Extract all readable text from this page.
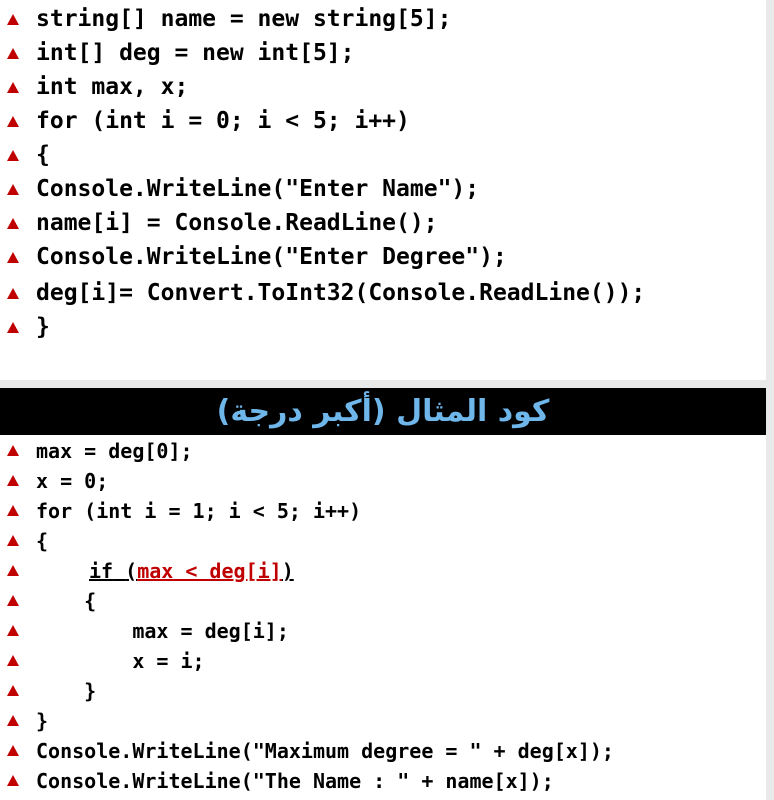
string[] name = new string[5];
int[] deg = new int[5];
int max, x;
for (int i = 0; i < 5; i++)
{
Console.WriteLine("Enter Name");
name[i] = Console.ReadLine();
Console.WriteLine("Enter Degree");
deg[i]= Convert.ToInt32(Console.ReadLine());
}
كود المثال (أكبر درجة)
max = deg[0];
x = 0;
for (int i = 1; i < 5; i++)
{
if (max < deg[i])
{
max = deg[i];
x = i;
}
}
Console.WriteLine("Maximum degree = " + deg[x]);
Console.WriteLine("The Name : " + name[x]);
